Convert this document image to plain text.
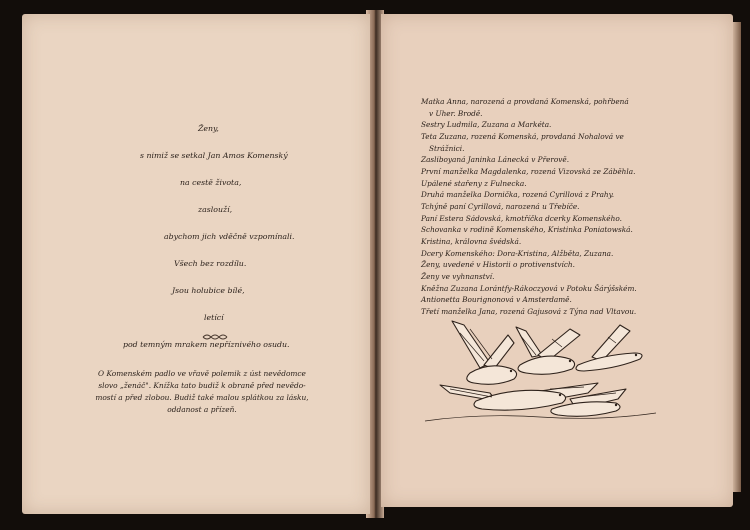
Ženy,
s nimiž se setkal Jan Amos Komenský
na cestě života,
zaslouží,
abychom jich vděčně vzpomínali.
Všech bez rozdílu.
Jsou holubice bílé,
letící
pod temným mrakem nepříznivého osudu.
O Komenském padlo ve vřavě polemik z úst nevědomce
slovo „ženáč". Knížka tato budiž k obraně před nevědo-
mostí a před zlobou. Budiž také malou splátkou za lásku,
oddanost a přízeň.
Matka Anna, narozená a provdaná Komenská, pohřbená
v Uher. Brodě.
Sestry Ludmila, Zuzana a Markéta.
Teta Zuzana, rozená Komenská, provdaná Nohalová ve
Strážnici.
Zasliboyaná Janinka Lánecká v Přerově.
První manželka Magdalenka, rozená Vizovská ze Záběhla.
Upálené stařeny z Fulnecka.
Druhá manželka Dornička, rozená Cyrillová z Prahy.
Tchýně paní Cyrillová, narozená u Třebíče.
Paní Estera Sádovská, kmotříčka dcerky Komenského.
Schovanka v rodině Komenského, Kristinka Poniatowská.
Kristina, královna švédská.
Dcery Komenského: Dora-Kristina, Alžběta, Zuzana.
Ženy, uvedené v Historii o protivenstvích.
Ženy ve vyhnanství.
Kněžna Zuzana Lorántfy-Rákoczyová v Potoku Šárýšském.
Antionetta Bourignonová v Amsterdamě.
Třetí manželka Jana, rozená Gajusová z Týna nad Vltavou.
